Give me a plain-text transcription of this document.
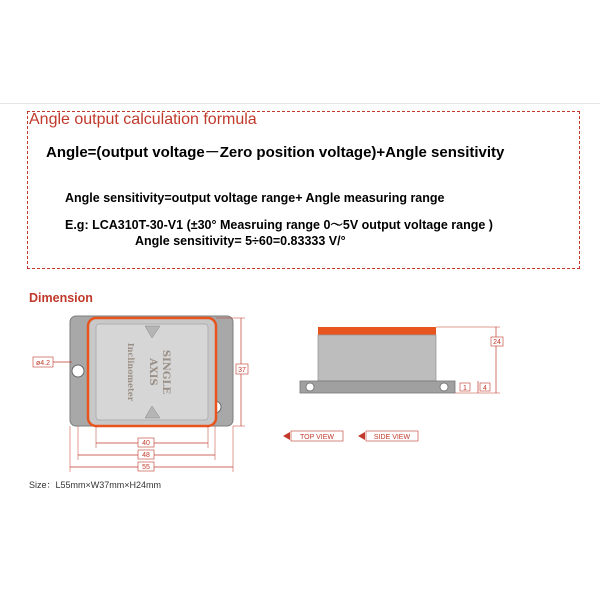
Angle output calculation formula
Angle=(output voltage－Zero position voltage)+Angle sensitivity
Angle sensitivity=output voltage range+ Angle measuring range
E.g: LCA310T-30-V1 (±30° Measruing range 0～5V output voltage range )
Angle sensitivity= 5÷60=0.83333 V/°
Dimension
SINGLE
AXIS
Inclinometer
ø4.2
37
40
48
55
TOP VIEW	SIDE VIEW
24
1 4
Size：L55mm×W37mm×H24mm
